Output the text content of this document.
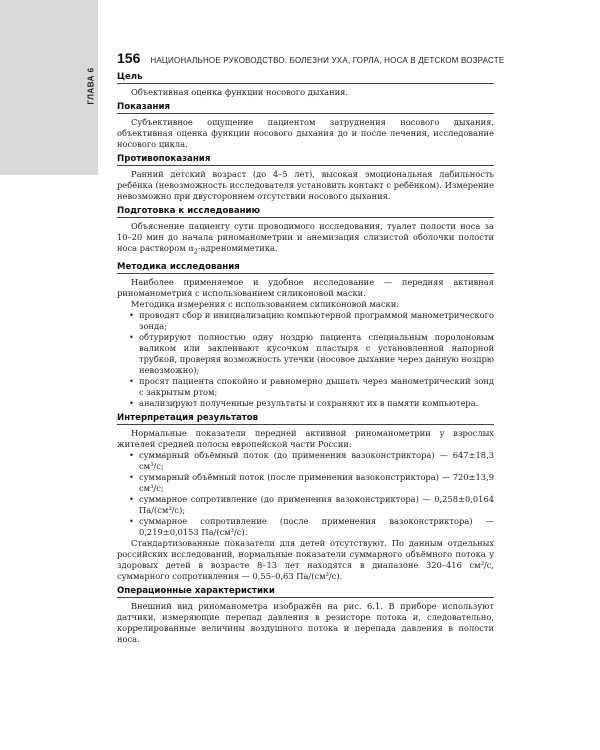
ГЛАВА 6
156 НАЦИОНАЛЬНОЕ РУКОВОДСТВО. БОЛЕЗНИ УХА, ГОРЛА, НОСА В ДЕТСКОМ ВОЗРАСТЕ
Цель

Объективная оценка функции носового дыхания.

Показания

Субъективное ощущение пациентом затруднения носового дыхания, объективная оценка функции носового дыхания до и после лечения, исследование носового цикла.

Противопоказания

Ранний детский возраст (до 4–5 лет), высокая эмоциональная лабильность ребёнка (невозможность исследователя установить контакт с ребёнком). Измерение невозможно при двустороннем отсутствии носового дыхания.

Подготовка к исследованию

Объяснение пациенту сути проводимого исследования, туалет полости носа за 10–20 мин до начала риноманометрии и анемизация слизистой оболочки полости носа раствором $\alpha_2$-адреномиметика.

Методика исследования

Наиболее применяемое и удобное исследование — передняя активная риноманометрия с использованием силиконовой маски.

Методика измерения с использованием силиконовой маски:

• проводят сбор и инициализацию компьютерной программой манометрического зонда;
• обтурируют полностью одну ноздрю пациента специальным поролоновым валиком или заклеивают кусочком пластыря с установленной напорной трубкой, проверяя возможность утечки (носовое дыхание через данную ноздрю невозможно);
• просят пациента спокойно и равномерно дышать через манометрический зонд с закрытым ртом;
• анализируют полученные результаты и сохраняют их в памяти компьютера.
Интерпретация результатов

Нормальные показатели передней активной риноманометрии у взрослых жителей средней полосы европейской части России:

• суммарный объёмный поток (до применения вазоконстриктора) — 647±18,3 см³/с;
• суммарный объёмный поток (после применения вазоконстриктора) — 720±13,9 см³/с;
• суммарное сопротивление (до применения вазоконстриктора) — 0,258±0,0164 Па/(см³/с);
• суммарное сопротивление (после применения вазоконстриктора) — 0,219±0,0153 Па/(см³/с).

Стандартизованные показатели для детей отсутствуют. По данным отдельных российских исследований, нормальные показатели суммарного объёмного потока у здоровых детей в возрасте 8–13 лет находятся в диапазоне 320–416 см³/с, суммарного сопротивления — 0,55–0,63 Па/(см³/с).

Операционные характеристики

Внешний вид риноманометра изображён на рис. 6.1. В приборе используют датчики, измеряющие перепад давления в резисторе потока и, следовательно, коррелированные величины воздушного потока и перепада давления в полости носа.
